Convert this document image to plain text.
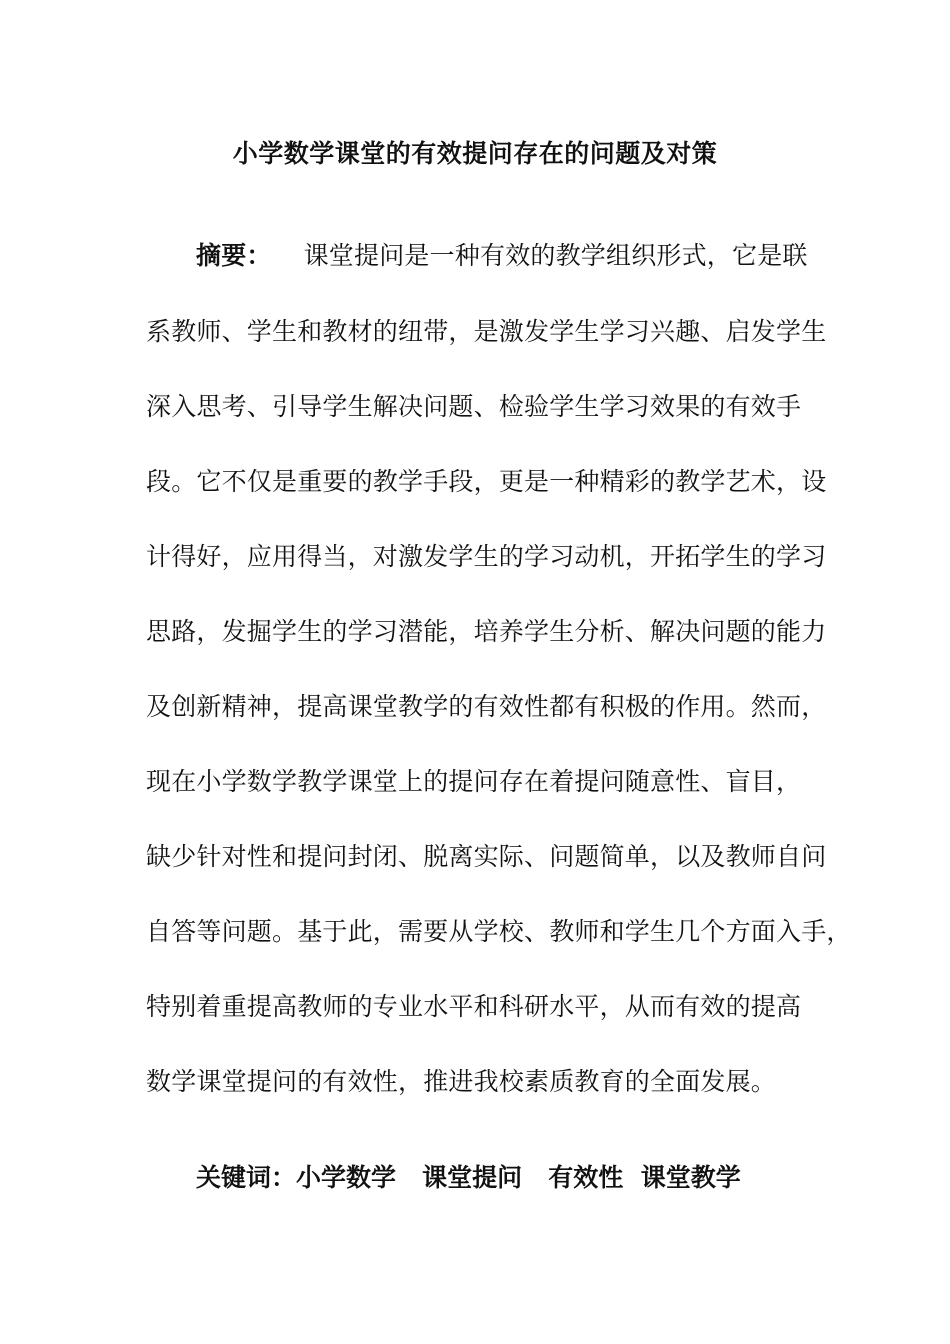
小学数学课堂的有效提问存在的问题及对策
摘要： 课堂提问是一种有效的教学组织形式，它是联
系教师、学生和教材的纽带，是激发学生学习兴趣、启发学生
深入思考、引导学生解决问题、检验学生学习效果的有效手
段。它不仅是重要的教学手段，更是一种精彩的教学艺术，设
计得好，应用得当，对激发学生的学习动机，开拓学生的学习
思路，发掘学生的学习潜能，培养学生分析、解决问题的能力
及创新精神，提高课堂教学的有效性都有积极的作用。然而，
现在小学数学教学课堂上的提问存在着提问随意性、盲目，
缺少针对性和提问封闭、脱离实际、问题简单，以及教师自问
自答等问题。基于此，需要从学校、教师和学生几个方面入手，
特别着重提高教师的专业水平和科研水平，从而有效的提高
数学课堂提问的有效性，推进我校素质教育的全面发展。
关键词：小学数学 课堂提问 有效性 课堂教学
